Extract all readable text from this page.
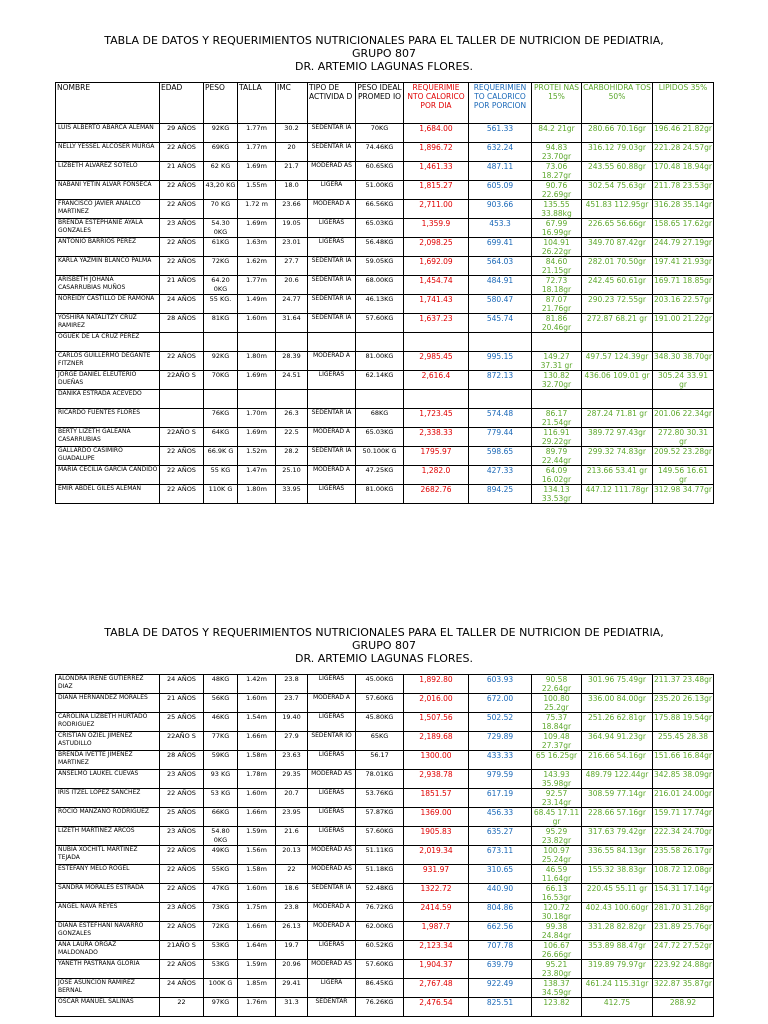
TABLA DE DATOS Y REQUERIMIENTOS NUTRICIONALES PARA EL TALLER DE NUTRICION DE PEDIATRIA,
GRUPO 807
DR. ARTEMIO LAGUNAS FLORES.
NOMBRE	EDAD	PESO	TALLA	IMC	TIPO DE ACTIVIDA D	PESO IDEAL PROMED IO	REQUERIMIE NTO CALORICO POR DIA	REQUERIMIEN TO CALORICO POR PORCION	PROTEI NAS 15%	CARBOHIDRA TOS 50%	LIPIDOS 35%
LUIS ALBERTO ABARCA ALEMAN	29 AÑOS	92KG	1.77m	30.2	SEDENTAR IA	70KG	1,684.00	561.33	84.2 21gr	280.66 70.16gr	196.46 21.82gr
NELLY YESSEL ALCOSER MURGA	22 AÑOS	69KG	1.77m	20	SEDENTAR IA	74.46KG	1,896.72	632.24	94.83 23.70gr	316.12 79.03gr	221.28 24.57gr
LIZBETH ALVAREZ SOTELO	21 AÑOS	62 KG	1.69m	21.7	MODERAD AS	60.65KG	1,461.33	487.11	73.06 18.27gr	243.55 60.88gr	170.48 18.94gr
NABANI YETIN ALVAR FONSECA	22 AÑOS	43,20 KG	1.55m	18.0	LIGERA	51.00KG	1,815.27	605.09	90.76 22.69gr	302.54 75.63gr	211.78 23.53gr
FRANCISCO JAVIER ANALCO MARTINEZ	22 AÑOS	70 KG	1.72 m	23.66	MODERAD A	66.56KG	2,711.00	903.66	135.55 33.88kg	451.83 112.95gr	316.28 35.14gr
BRENDA ESTEPHANIE AYALA GONZALES	23 AÑOS	54.30 0KG	1.69m	19.05	LIGERAS	65.03KG	1,359.9	453.3	67.99 16.99gr	226.65 56.66gr	158.65 17.62gr
ANTONIO BARRIOS PEREZ	22 AÑOS	61KG	1.63m	23.01	LIGERAS	56.48KG	2,098.25	699.41	104.91 26.22gr	349.70 87.42gr	244.79 27.19gr
KARLA YAZMIN BLANCO PALMA	22 AÑOS	72KG	1.62m	27.7	SEDENTAR IA	59.05KG	1,692.09	564.03	84.60 21.15gr	282.01 70.50gr	197.41 21.93gr
ARISBETH JOHANA CASARRUBIAS MUÑOS	21 AÑOS	64.20 0KG	1.77m	20.6	SEDENTAR IA	68.00KG	1,454.74	484.91	72.73 18.18gr	242.45 60.61gr	169.71 18.85gr
NOREIDY CASTILLO DE RAMONA	24 AÑOS	55 KG.	1.49m	24.77	SEDENTAR IA	46.13KG	1,741.43	580.47	87.07 21.76gr	290.23 72.55gr	203.16 22.57gr
YOSHIRA NATALITZY CRUZ RAMIREZ	28 AÑOS	81KG	1.60m	31.64	SEDENTAR IA	57.60KG	1,637.23	545.74	81.86 20.46gr	272.87 68.21 gr	191.00 21.22gr
OGUEK DE LA CRUZ PEREZ											
CARLOS GUILLERMO DEGANTE FITZNER	22 AÑOS	92KG	1.80m	28.39	MODERAD A	81.00KG	2,985.45	995.15	149.27 37.31 gr	497.57 124.39gr	348.30 38.70gr
JORGE DANIEL ELEUTERIO DUEÑAS	22AÑO S	70KG	1.69m	24.51	LIGERAS	62.14KG	2,616.4	872.13	130.82 32.70gr	436.06 109.01 gr	305.24 33.91 gr
DANIKA ESTRADA ACEVEDO											
RICARDO FUENTES FLORES		76KG	1.70m	26.3	SEDENTAR IA	68KG	1,723.45	574.48	86.17 21.54gr	287.24 71.81 gr	201.06 22.34gr
BERTY LIZETH GALEANA CASARRUBIAS	22AÑO S	64KG	1.69m	22.5	MODERAD A	65.03KG	2,338.33	779.44	116.91 29.22gr	389.72 97.43gr	272.80 30.31 gr
GALLARDO CASIMIRO GUADALUPE	22 AÑOS	66.9K G	1.52m	28.2	SEDENTAR IA	50.100K G	1795.97	598.65	89.79 22.44gr	299.32 74.83gr	209.52 23.28gr
MARIA CECILIA GARCIA CANDIDO	22 AÑOS	55 KG	1.47m	25.10	MODERAD A	47.25KG	1,282.0	427.33	64.09 16.02gr	213.66 53.41 gr	149.56 16.61 gr
EMIR ABDEL GILES ALEMAN	22 AÑOS	110K G	1.80m	33.95	LIGERAS	81.00KG	2682.76	894.25	134.13 33.53gr	447.12 111.78gr	312.98 34.77gr
TABLA DE DATOS Y REQUERIMIENTOS NUTRICIONALES PARA EL TALLER DE NUTRICION DE PEDIATRIA,
GRUPO 807
DR. ARTEMIO LAGUNAS FLORES.
ALONDRA IRENE GUTIERREZ DIAZ	24 AÑOS	48KG	1.42m	23.8	LIGERAS	45.00KG	1,892.80	603.93	90.58 22.64gr	301.96 75.49gr	211.37 23.48gr
DIANA HERNANDEZ MORALES	21 AÑOS	56KG	1.60m	23.7	MODERAD A	57.60KG	2,016.00	672.00	100.80 25.2gr	336.00 84.00gr	235.20 26.13gr
CAROLINA LIZBETH HURTADO RODRIGUEZ	25 AÑOS	46KG	1.54m	19.40	LIGERAS	45.80KG	1,507.56	502.52	75.37 18.84gr	251.26 62.81gr	175.88 19.54gr
CRISTIAN OZIEL JIMENEZ ASTUDILLO	22AÑO S	77KG	1.66m	27.9	SEDENTAR IO	65KG	2,189.68	729.89	109.48 27.37gr	364.94 91.23gr	255.45 28.38
BRENDA IVETTE JIMENEZ MARTINEZ	28 AÑOS	59KG	1.58m	23.63	LIGERAS	56.17	1300.00	433.33	65 16.25gr	216.66 54.16gr	151.66 16.84gr
ANSELMO LAUKEL CUEVAS	23 AÑOS	93 KG	1.78m	29.35	MODERAD AS	78.01KG	2,938.78	979.59	143.93 35.98gr	489.79 122.44gr	342.85 38.09gr
IRIS ITZEL LOPEZ SANCHEZ	22 AÑOS	53 KG	1.60m	20.7	LIGERAS	53.76KG	1851.57	617.19	92.57 23.14gr	308.59 77.14gr	216.01 24.00gr
ROCIO MANZANO RODRIGUEZ	25 AÑOS	66KG	1.66m	23.95	LIGERAS	57.87KG	1369.00	456.33	68.45 17.11 gr	228.66 57.16gr	159.71 17.74gr
LIZETH MARTINEZ ARCOS	23 AÑOS	54.80 0KG	1.59m	21.6	LIGERAS	57.60KG	1905.83	635.27	95.29 23.82gr	317.63 79.42gr	222.34 24.70gr
NUBIA XOCHITL MARTINEZ TEJADA	22 AÑOS	49KG	1.56m	20.13	MODERAD AS	51.11KG	2,019.34	673.11	100.97 25.24gr	336.55 84.13gr	235.58 26.17gr
ESTEFANY MELO ROGEL	22 AÑOS	55KG	1.58m	22	MODERAD AS	51.18KG	931.97	310.65	46.59 11.64gr	155.32 38.83gr	108.72 12.08gr
SANDRA MORALES ESTRADA	22 AÑOS	47KG	1.60m	18.6	SEDENTAR IA	52.48KG	1322.72	440.90	66.13 16.53gr	220.45 55.11 gr	154.31 17.14gr
ANGEL NAVA REYES	23 AÑOS	73KG	1.75m	23.8	MODERAD A	76.72KG	2414.59	804.86	120.72 30.18gr	402.43 100.60gr	281.70 31.28gr
DIANA ESTEFHANI NAVARRO GONZALES	22 AÑOS	72KG	1.66m	26.13	MODERAD A	62.00KG	1,987.7	662.56	99.38 24.84gr	331.28 82.82gr	231.89 25.76gr
ANA LAURA ORGAZ MALDONADO	21AÑO S	53KG	1.64m	19.7	LIGERAS	60.52KG	2,123.34	707.78	106.67 26.66gr	353.89 88.47gr	247.72 27.52gr
YANETH PASTRANA GLORIA	22 AÑOS	53KG	1.59m	20.96	MODERAD AS	57.60KG	1,904.37	639.79	95.21 23.80gr	319.89 79.97gr	223.92 24.88gr
JOSE ASUNCION RAMIREZ BERNAL	24 AÑOS	100K G	1.85m	29.41	LIGERA	86.45KG	2,767.48	922.49	138.37 34.59gr	461.24 115.31gr	322.87 35.87gr
OSCAR MANUEL SALINAS	22	97KG	1.76m	31.3	SEDENTAR	76.26KG	2,476.54	825.51	123.82	412.75	288.92
